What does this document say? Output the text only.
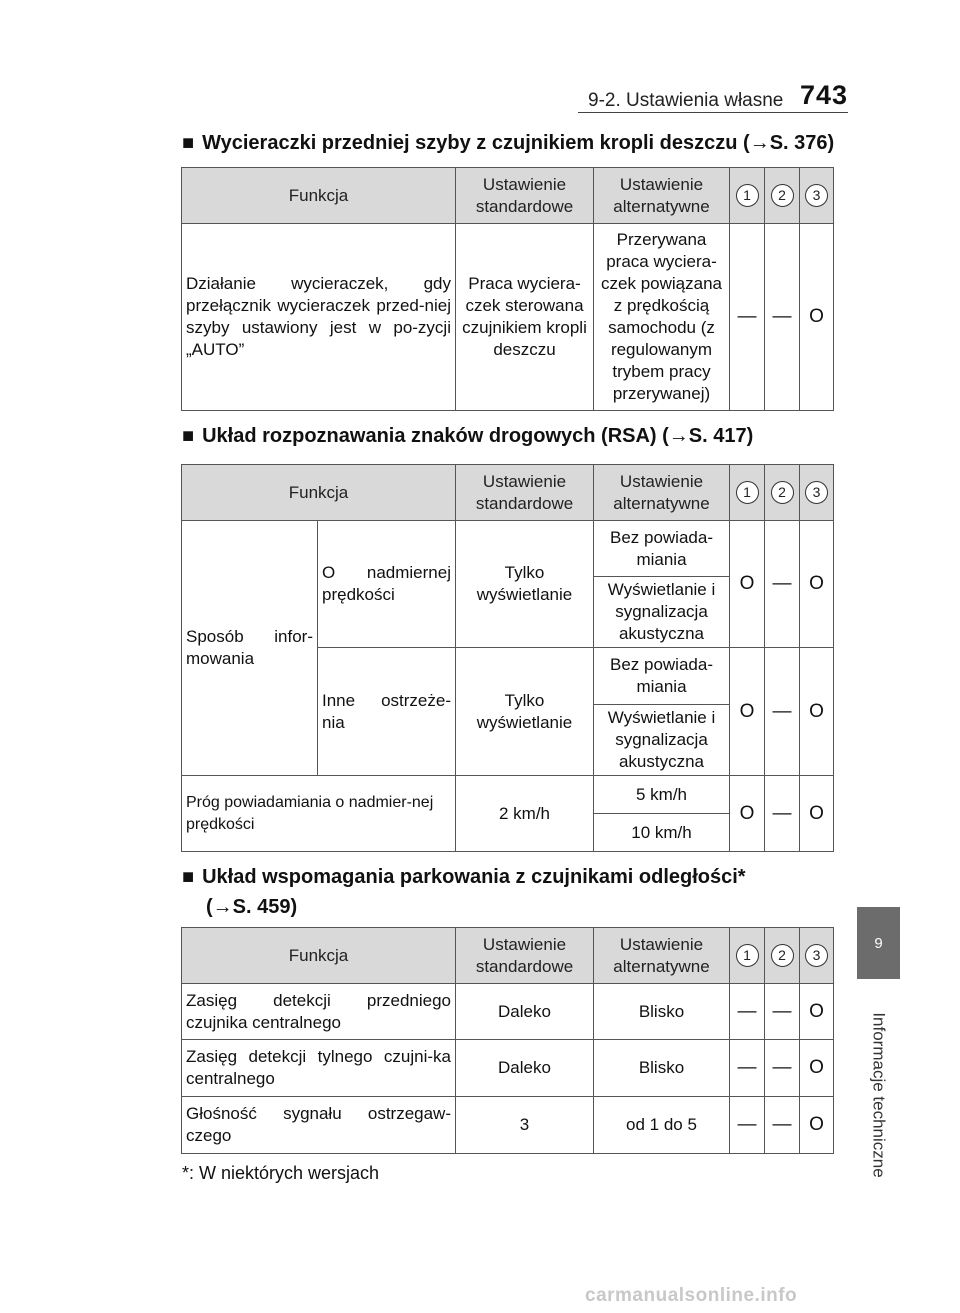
9-2. Ustawienia własne 743
9
Informacje techniczne
■ Wycieraczki przedniej szyby z czujnikiem kropli deszczu (→S. 376)
Funkcja	Ustawienie standardowe	Ustawienie alternatywne	1	2	3
Działanie wycieraczek, gdy przełącznik wycieraczek przed-niej szyby ustawiony jest w po-zycji „AUTO”	Praca wyciera-czek sterowana czujnikiem kropli deszczu	Przerywana praca wyciera-czek powiązana z prędkością samochodu (z regulowanym trybem pracy przerywanej)	—	—	O
■ Układ rozpoznawania znaków drogowych (RSA) (→S. 417)
Funkcja		Ustawienie standardowe	Ustawienie alternatywne	1	2	3
Sposób infor-mowania	O nadmiernej prędkości	Tylko wyświetlanie	Bez powiada-miania	O	—	O
			Wyświetlanie i sygnalizacja akustyczna			
	Inne ostrzeże-nia	Tylko wyświetlanie	Bez powiada-miania	O	—	O
			Wyświetlanie i sygnalizacja akustyczna			
Próg powiadamiania o nadmier-nej prędkości		2 km/h	5 km/h	O	—	O
			10 km/h			
■ Układ wspomagania parkowania z czujnikami odległości*
(→S. 459)
Funkcja	Ustawienie standardowe	Ustawienie alternatywne	1	2	3
Zasięg detekcji przedniego czujnika centralnego	Daleko	Blisko	—	—	O
Zasięg detekcji tylnego czujni-ka centralnego	Daleko	Blisko	—	—	O
Głośność sygnału ostrzegaw-czego	3	od 1 do 5	—	—	O
*: W niektórych wersjach
carmanualsonline.info
